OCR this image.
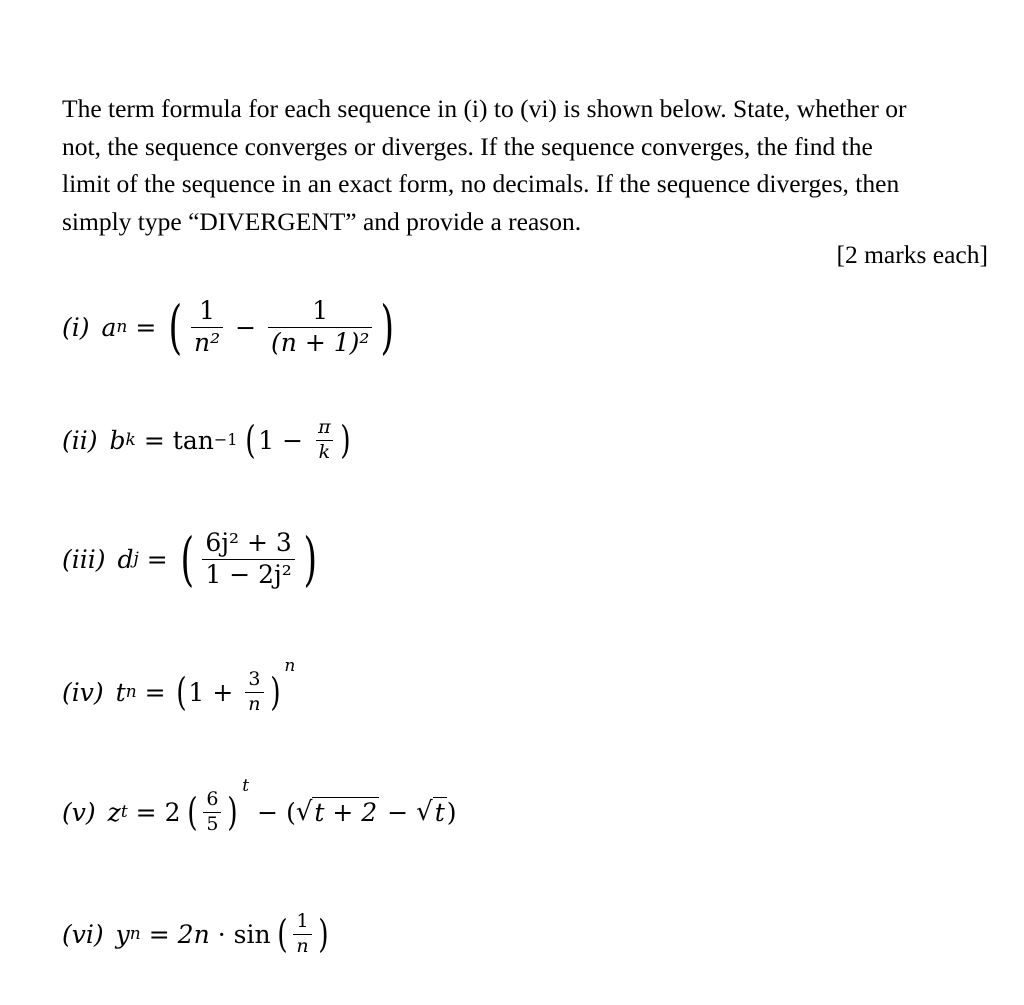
The term formula for each sequence in (i) to (vi) is shown below. State, whether or
not, the sequence converges or diverges. If the sequence converges, the find the
limit of the sequence in an exact form, no decimals. If the sequence diverges, then
simply type “DIVERGENT” and provide a reason.
[2 marks each]
(i) a n = ( $\frac{1}{\text{n²}} - \frac{1}{\text{(n + 1)²}}$ )
(ii) b k = tan −1 ( $1 - \frac{\pi}{k}$ )
(iii) d j = ( $\frac{\text{6j² + 3}}{\text{1 − 2j²}}$ )
(iv) t n = ( $1 + \frac{3}{n}$ )
n
(v) z t = 2 ( $\frac{6}{5}$ )
t
− ( √ t + 2 − √ t )
(vi) y n = 2n · sin ( $\frac{1}{n}$ )
